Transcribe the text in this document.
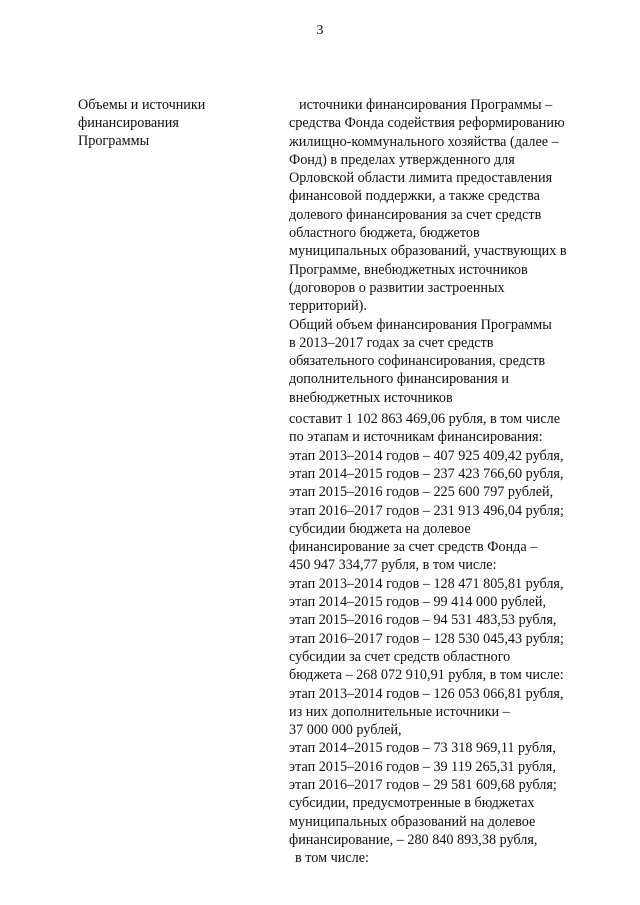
3
Объемы и источники
финансирования
Программы
источники финансирования Программы –
средства Фонда содействия реформированию
жилищно-коммунального хозяйства (далее –
Фонд) в пределах утвержденного для
Орловской области лимита предоставления
финансовой поддержки, а также средства
долевого финансирования за счет средств
областного бюджета, бюджетов
муниципальных образований, участвующих в
Программе, внебюджетных источников
(договоров о развитии застроенных
территорий).
Общий объем финансирования Программы
в 2013–2017 годах за счет средств
обязательного софинансирования, средств
дополнительного финансирования и
внебюджетных источников
составит 1 102 863 469,06 рубля, в том числе
по этапам и источникам финансирования:
этап 2013–2014 годов – 407 925 409,42 рубля,
этап 2014–2015 годов – 237 423 766,60 рубля,
этап 2015–2016 годов – 225 600 797 рублей,
этап 2016–2017 годов – 231 913 496,04 рубля;
субсидии бюджета на долевое
финансирование за счет средств Фонда –
450 947 334,77 рубля, в том числе:
этап 2013–2014 годов – 128 471 805,81 рубля,
этап 2014–2015 годов – 99 414 000 рублей,
этап 2015–2016 годов – 94 531 483,53 рубля,
этап 2016–2017 годов – 128 530 045,43 рубля;
субсидии за счет средств областного
бюджета – 268 072 910,91 рубля, в том числе:
этап 2013–2014 годов – 126 053 066,81 рубля,
из них дополнительные источники –
37 000 000 рублей,
этап 2014–2015 годов – 73 318 969,11 рубля,
этап 2015–2016 годов – 39 119 265,31 рубля,
этап 2016–2017 годов – 29 581 609,68 рубля;
субсидии, предусмотренные в бюджетах
муниципальных образований на долевое
финансирование, – 280 840 893,38 рубля,
в том числе:
